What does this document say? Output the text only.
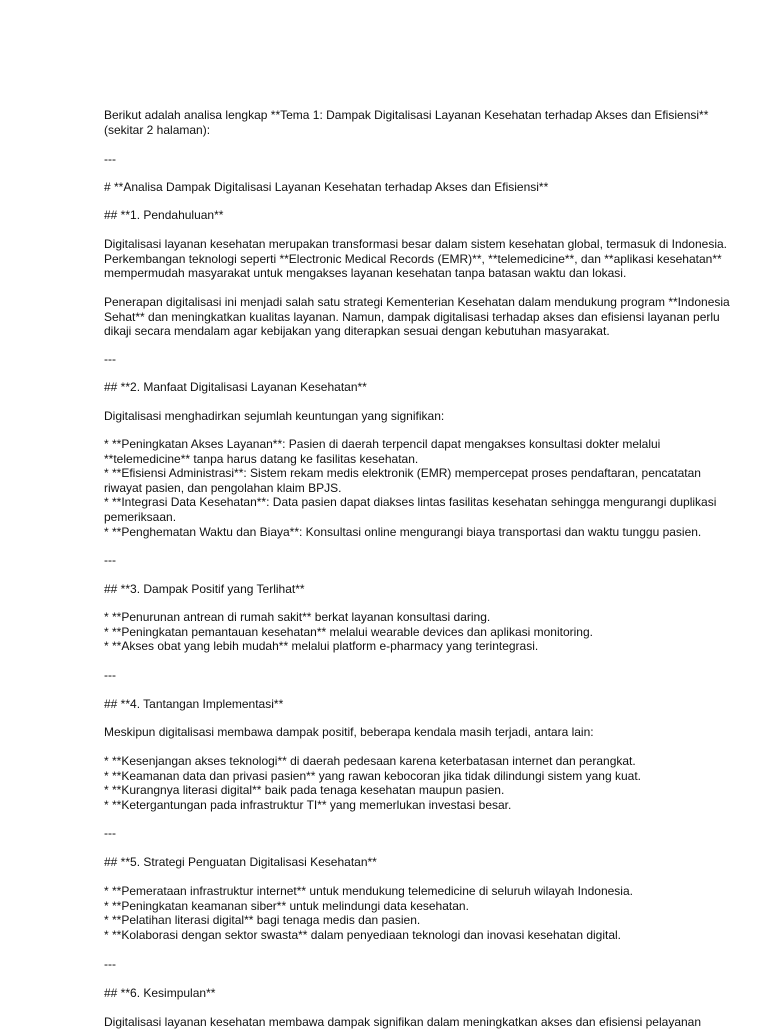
Berikut adalah analisa lengkap **Tema 1: Dampak Digitalisasi Layanan Kesehatan terhadap Akses dan Efisiensi**
(sekitar 2 halaman):

---

# **Analisa Dampak Digitalisasi Layanan Kesehatan terhadap Akses dan Efisiensi**

## **1. Pendahuluan**

Digitalisasi layanan kesehatan merupakan transformasi besar dalam sistem kesehatan global, termasuk di Indonesia.
Perkembangan teknologi seperti **Electronic Medical Records (EMR)**, **telemedicine**, dan **aplikasi kesehatan**
mempermudah masyarakat untuk mengakses layanan kesehatan tanpa batasan waktu dan lokasi.

Penerapan digitalisasi ini menjadi salah satu strategi Kementerian Kesehatan dalam mendukung program **Indonesia
Sehat** dan meningkatkan kualitas layanan. Namun, dampak digitalisasi terhadap akses dan efisiensi layanan perlu
dikaji secara mendalam agar kebijakan yang diterapkan sesuai dengan kebutuhan masyarakat.

---

## **2. Manfaat Digitalisasi Layanan Kesehatan**

Digitalisasi menghadirkan sejumlah keuntungan yang signifikan:

* **Peningkatan Akses Layanan**: Pasien di daerah terpencil dapat mengakses konsultasi dokter melalui
**telemedicine** tanpa harus datang ke fasilitas kesehatan.
* **Efisiensi Administrasi**: Sistem rekam medis elektronik (EMR) mempercepat proses pendaftaran, pencatatan
riwayat pasien, dan pengolahan klaim BPJS.
* **Integrasi Data Kesehatan**: Data pasien dapat diakses lintas fasilitas kesehatan sehingga mengurangi duplikasi
pemeriksaan.
* **Penghematan Waktu dan Biaya**: Konsultasi online mengurangi biaya transportasi dan waktu tunggu pasien.

---

## **3. Dampak Positif yang Terlihat**

* **Penurunan antrean di rumah sakit** berkat layanan konsultasi daring.
* **Peningkatan pemantauan kesehatan** melalui wearable devices dan aplikasi monitoring.
* **Akses obat yang lebih mudah** melalui platform e-pharmacy yang terintegrasi.

---

## **4. Tantangan Implementasi**

Meskipun digitalisasi membawa dampak positif, beberapa kendala masih terjadi, antara lain:

* **Kesenjangan akses teknologi** di daerah pedesaan karena keterbatasan internet dan perangkat.
* **Keamanan data dan privasi pasien** yang rawan kebocoran jika tidak dilindungi sistem yang kuat.
* **Kurangnya literasi digital** baik pada tenaga kesehatan maupun pasien.
* **Ketergantungan pada infrastruktur TI** yang memerlukan investasi besar.

---

## **5. Strategi Penguatan Digitalisasi Kesehatan**

* **Pemerataan infrastruktur internet** untuk mendukung telemedicine di seluruh wilayah Indonesia.
* **Peningkatan keamanan siber** untuk melindungi data kesehatan.
* **Pelatihan literasi digital** bagi tenaga medis dan pasien.
* **Kolaborasi dengan sektor swasta** dalam penyediaan teknologi dan inovasi kesehatan digital.

---

## **6. Kesimpulan**

Digitalisasi layanan kesehatan membawa dampak signifikan dalam meningkatkan akses dan efisiensi pelayanan
